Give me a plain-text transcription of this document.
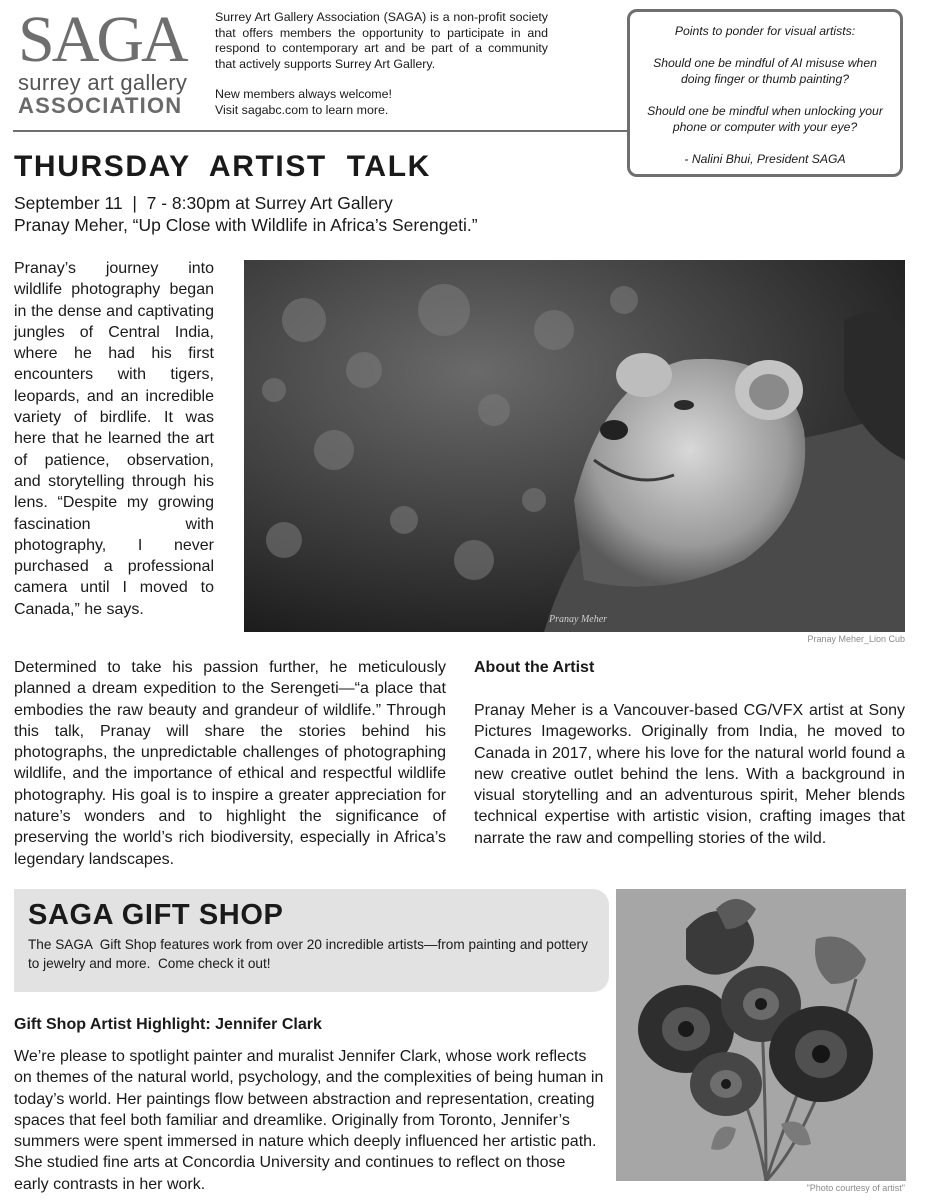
SAGA
surrey art gallery
ASSOCIATION

Surrey Art Gallery Association (SAGA) is a non-profit society that offers members the opportunity to participate in and respond to contemporary art and be part of a community that actively supports Surrey Art Gallery.

New members always welcome!
Visit sagabc.com to learn more.

Points to ponder for visual artists:

Should one be mindful of AI misuse when doing finger or thumb painting?

Should one be mindful when unlocking your phone or computer with your eye?

- Nalini Bhui, President SAGA

THURSDAY  ARTIST  TALK
September 11  |  7 - 8:30pm at Surrey Art Gallery
Pranay Meher, “Up Close with Wildlife in Africa’s Serengeti.”

Pranay’s journey into wildlife photography began in the dense and captivating jungles of Central India, where he had his first encounters with tigers, leopards, and an incredible variety of birdlife. It was here that he learned the art of patience, observation, and storytelling through his lens. “Despite my growing fascination with photography, I never purchased a professional camera until I moved to Canada,” he says.

Pranay Meher
Pranay Meher_Lion Cub

Determined to take his passion further, he meticulously planned a dream expedition to the Serengeti—“a place that embodies the raw beauty and grandeur of wildlife.” Through this talk, Pranay will share the stories behind his photographs, the unpredictable challenges of photographing wildlife, and the importance of ethical and respectful wildlife photography. His goal is to inspire a greater appreciation for nature’s wonders and to highlight the significance of preserving the world’s rich biodiversity, especially in Africa’s legendary landscapes.

About the Artist

Pranay Meher is a Vancouver-based CG/VFX artist at Sony Pictures Imageworks. Originally from India, he moved to Canada in 2017, where his love for the natural world found a new creative outlet behind the lens. With a background in visual storytelling and an adventurous spirit, Meher blends technical expertise with artistic vision, crafting images that narrate the raw and compelling stories of the wild.

SAGA GIFT SHOP
The SAGA  Gift Shop features work from over 20 incredible artists—from painting and pottery to jewelry and more.  Come check it out!
Gift Shop Artist Highlight: Jennifer Clark

We’re please to spotlight painter and muralist Jennifer Clark, whose work reflects on themes of the natural world, psychology, and the complexities of being human in today’s world. Her paintings flow between abstraction and representation, creating spaces that feel both familiar and dreamlike. Originally from Toronto, Jennifer’s summers were spent immersed in nature which deeply influenced her artistic path. She studied fine arts at Concordia University and continues to reflect on those early contrasts in her work.	"Photo courtesy of artist"
